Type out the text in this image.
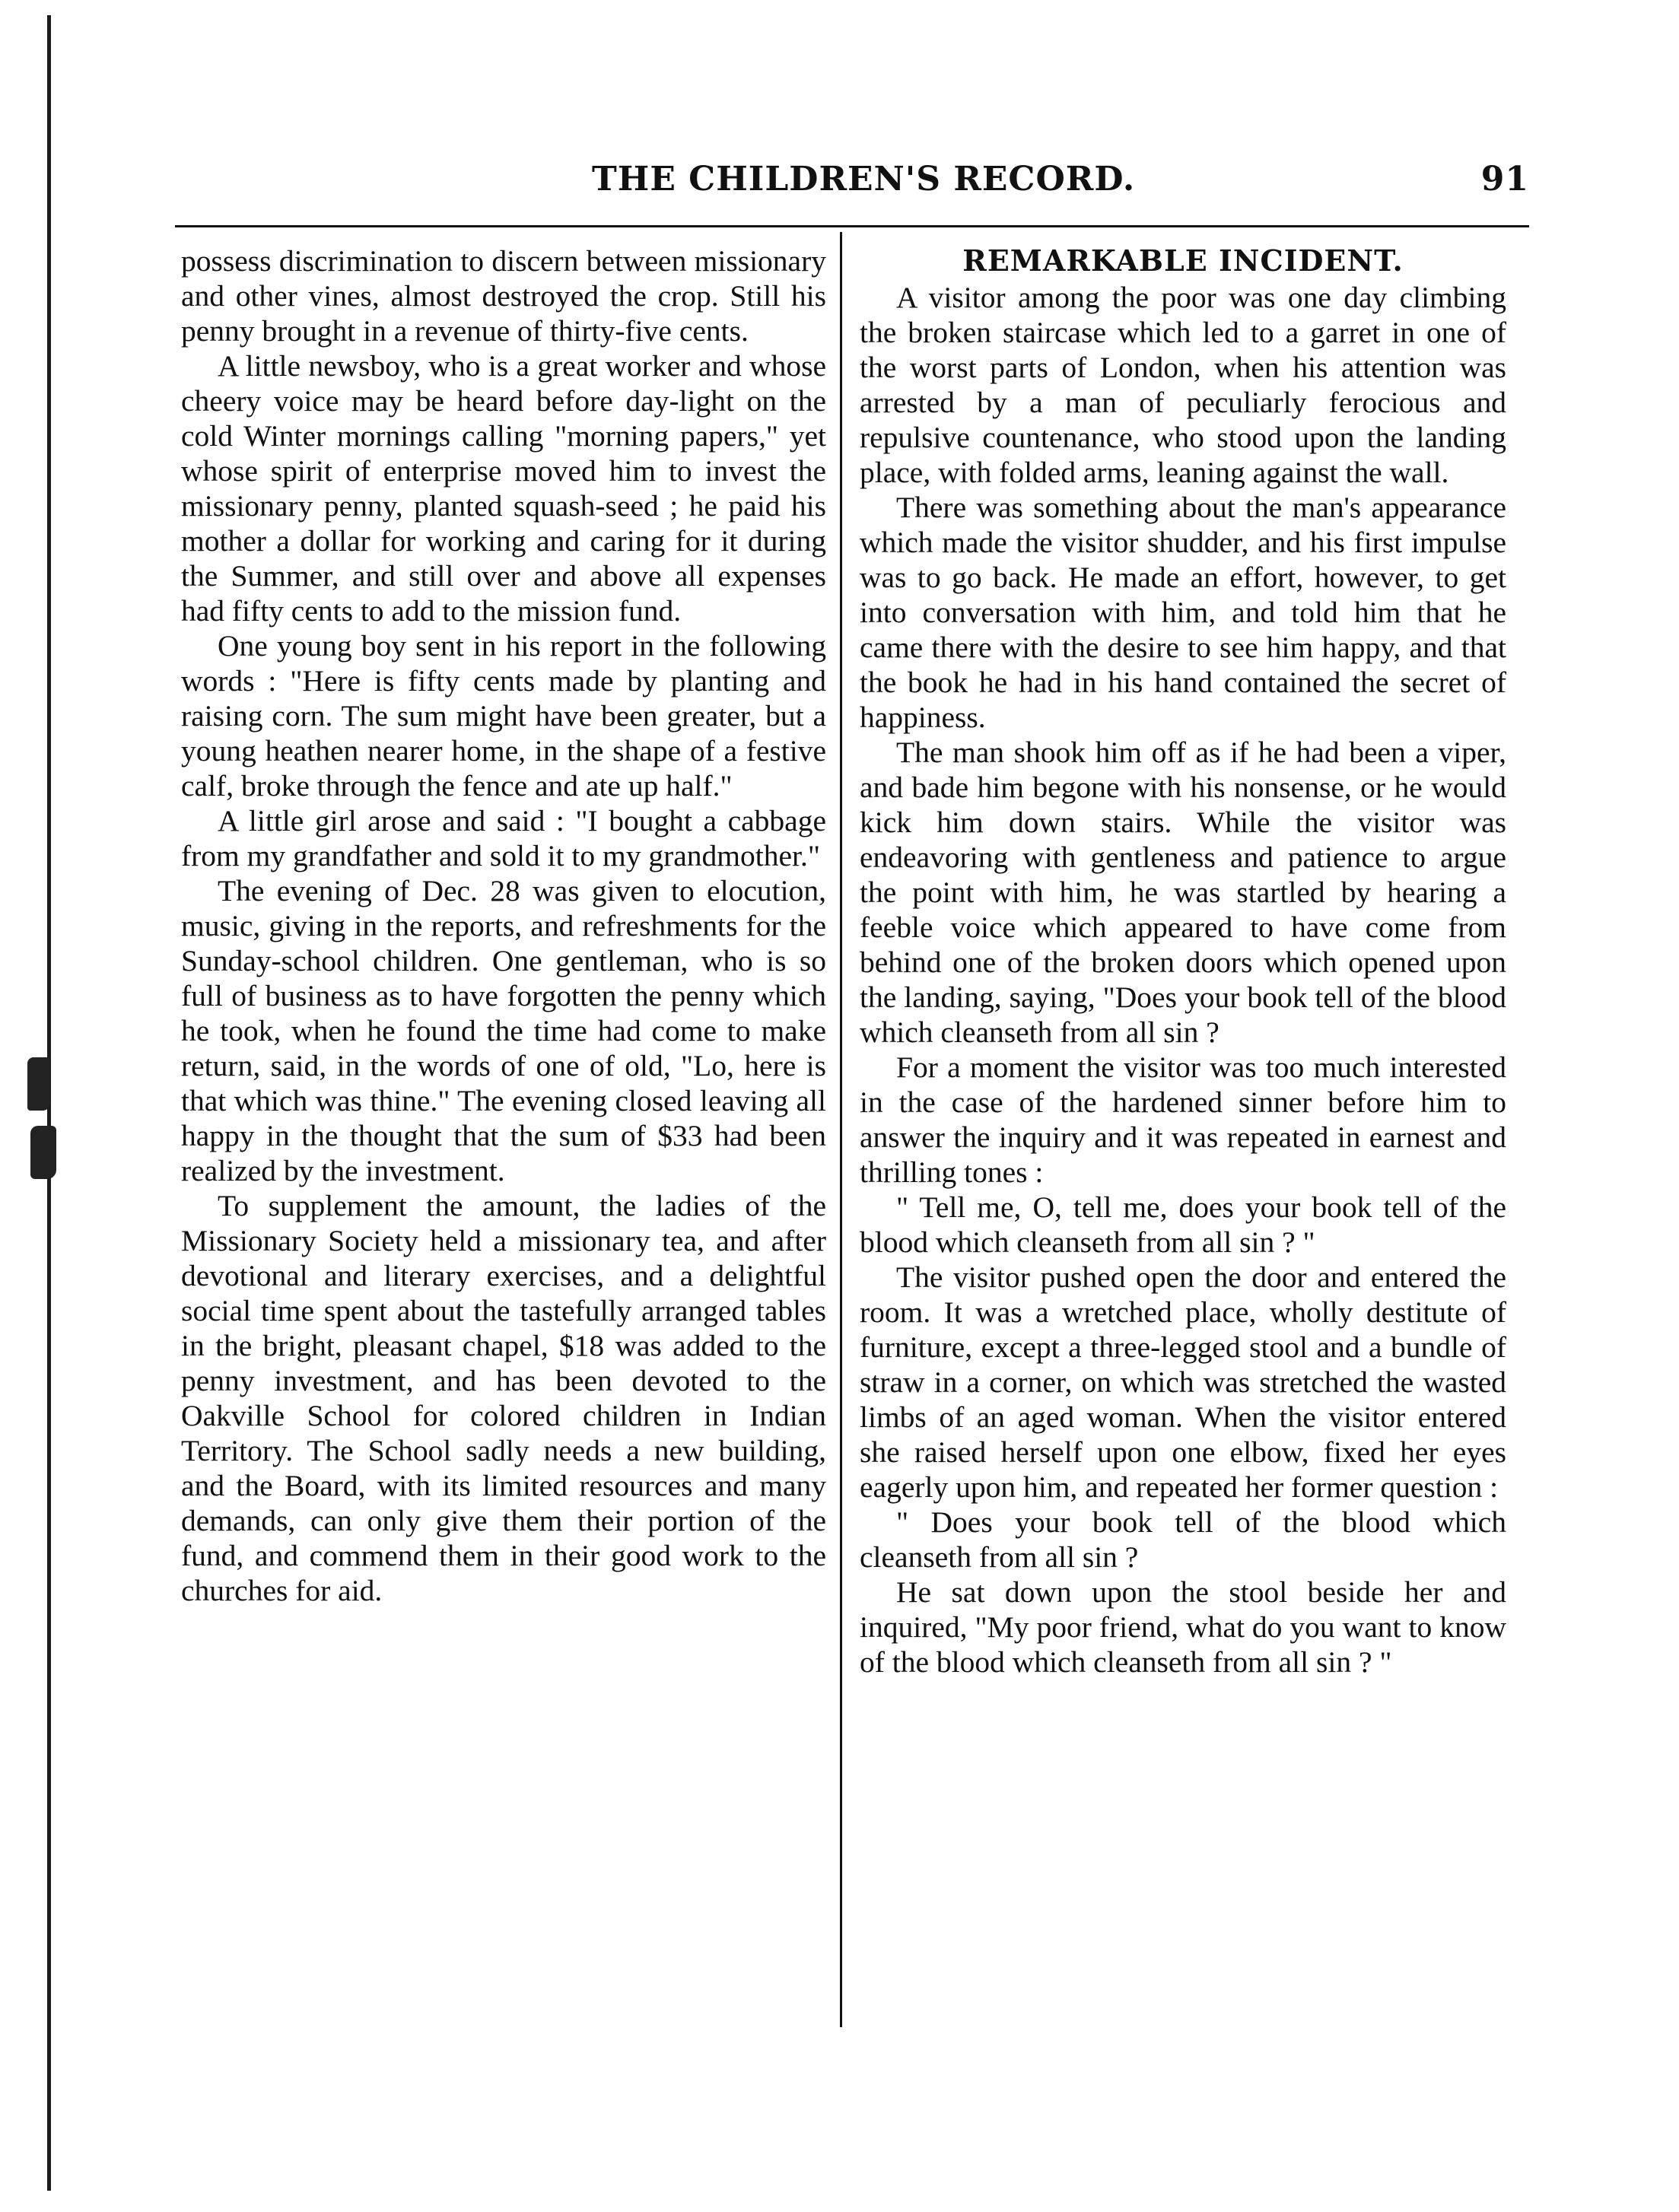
THE CHILDREN'S RECORD.	91

possess discrimination to discern between missionary and other vines, almost destroyed the crop. Still his penny brought in a revenue of thirty-five cents.

A little newsboy, who is a great worker and whose cheery voice may be heard before day-light on the cold Winter mornings calling "morning papers," yet whose spirit of enterprise moved him to invest the missionary penny, planted squash-seed ; he paid his mother a dollar for working and caring for it during the Summer, and still over and above all expenses had fifty cents to add to the mission fund.

One young boy sent in his report in the following words : "Here is fifty cents made by planting and raising corn. The sum might have been greater, but a young heathen nearer home, in the shape of a festive calf, broke through the fence and ate up half."

A little girl arose and said : "I bought a cabbage from my grandfather and sold it to my grandmother."

The evening of Dec. 28 was given to elocution, music, giving in the reports, and refreshments for the Sunday-school children. One gentleman, who is so full of business as to have forgotten the penny which he took, when he found the time had come to make return, said, in the words of one of old, "Lo, here is that which was thine." The evening closed leaving all happy in the thought that the sum of $33 had been realized by the investment.

To supplement the amount, the ladies of the Missionary Society held a missionary tea, and after devotional and literary exercises, and a delightful social time spent about the tastefully arranged tables in the bright, pleasant chapel, $18 was added to the penny investment, and has been devoted to the Oakville School for colored children in Indian Territory. The School sadly needs a new building, and the Board, with its limited resources and many demands, can only give them their portion of the fund, and commend them in their good work to the churches for aid.

REMARKABLE INCIDENT.

A visitor among the poor was one day climbing the broken staircase which led to a garret in one of the worst parts of London, when his attention was arrested by a man of peculiarly ferocious and repulsive countenance, who stood upon the landing place, with folded arms, leaning against the wall.

There was something about the man's appearance which made the visitor shudder, and his first impulse was to go back. He made an effort, however, to get into conversation with him, and told him that he came there with the desire to see him happy, and that the book he had in his hand contained the secret of happiness.

The man shook him off as if he had been a viper, and bade him begone with his nonsense, or he would kick him down stairs. While the visitor was endeavoring with gentleness and patience to argue the point with him, he was startled by hearing a feeble voice which appeared to have come from behind one of the broken doors which opened upon the landing, saying, "Does your book tell of the blood which cleanseth from all sin ?

For a moment the visitor was too much interested in the case of the hardened sinner before him to answer the inquiry and it was repeated in earnest and thrilling tones :

" Tell me, O, tell me, does your book tell of the blood which cleanseth from all sin ? "

The visitor pushed open the door and entered the room. It was a wretched place, wholly destitute of furniture, except a three-legged stool and a bundle of straw in a corner, on which was stretched the wasted limbs of an aged woman. When the visitor entered she raised herself upon one elbow, fixed her eyes eagerly upon him, and repeated her former question :

" Does your book tell of the blood which cleanseth from all sin ?

He sat down upon the stool beside her and inquired, "My poor friend, what do you want to know of the blood which cleanseth from all sin ? "
